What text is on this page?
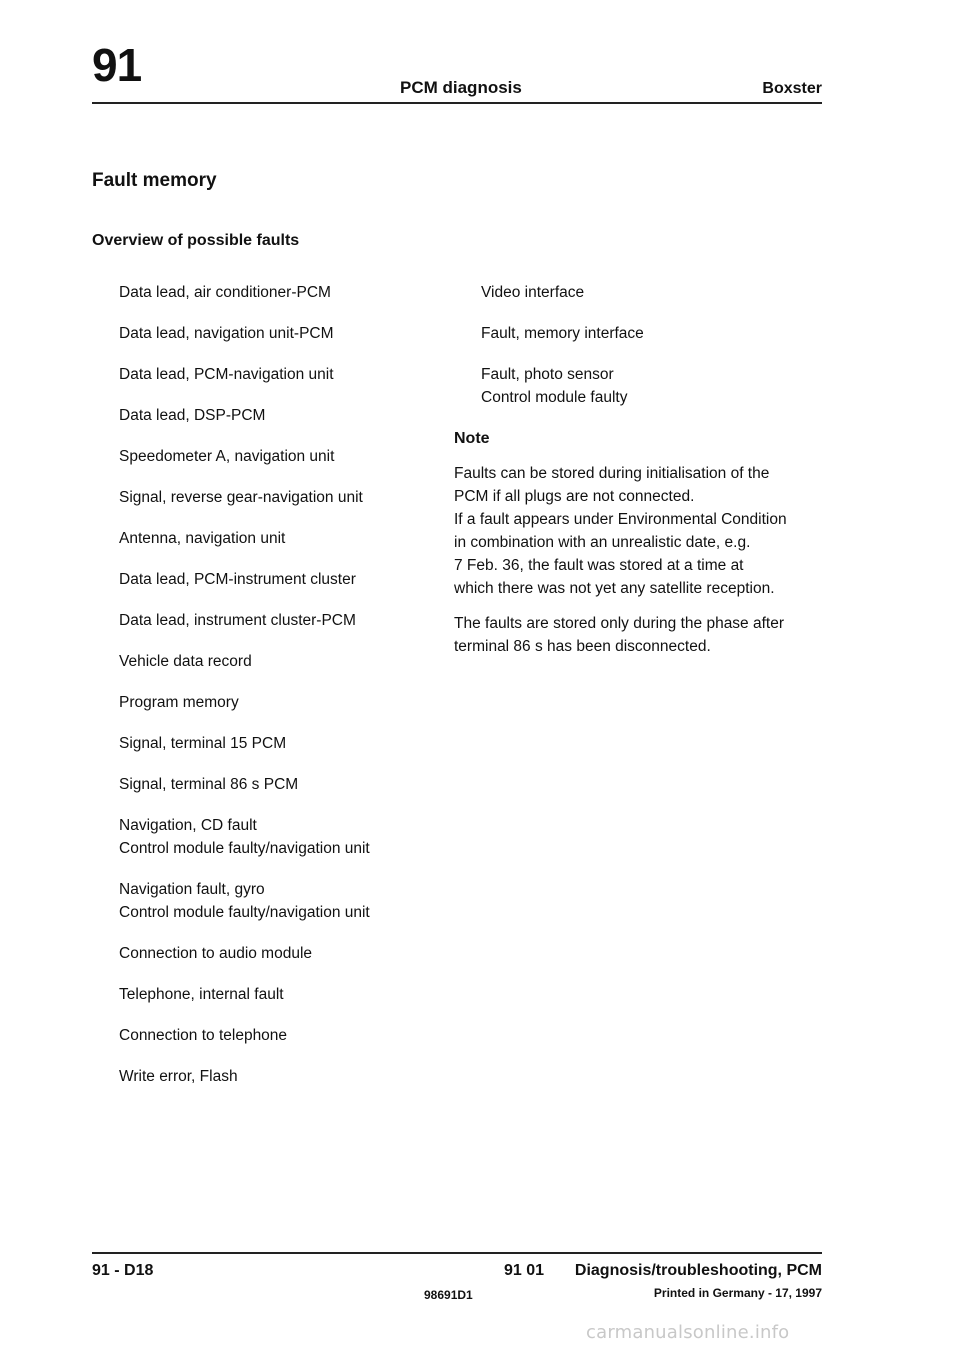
91	PCM diagnosis	Boxster
Fault memory
Overview of possible faults
Data lead, air conditioner-PCM
Data lead, navigation unit-PCM
Data lead, PCM-navigation unit
Data lead, DSP-PCM
Speedometer A, navigation unit
Signal, reverse gear-navigation unit
Antenna, navigation unit
Data lead, PCM-instrument cluster
Data lead, instrument cluster-PCM
Vehicle data record
Program memory
Signal, terminal 15 PCM
Signal, terminal 86 s PCM
Navigation, CD fault
Control module faulty/navigation unit
Navigation fault, gyro
Control module faulty/navigation unit
Connection to audio module
Telephone, internal fault
Connection to telephone
Write error, Flash
Video interface
Fault, memory interface
Fault, photo sensor
Control module faulty
Note
Faults can be stored during initialisation of the
PCM if all plugs are not connected.
If a fault appears under Environmental Condition
in combination with an unrealistic date, e.g.
7 Feb. 36, the fault was stored at a time at
which there was not yet any satellite reception.
The faults are stored only during the phase after
terminal 86 s has been disconnected.
91 - D18	91 01 Diagnosis/troubleshooting, PCM
98691D1	Printed in Germany - 17, 1997
carmanualsonline.info
